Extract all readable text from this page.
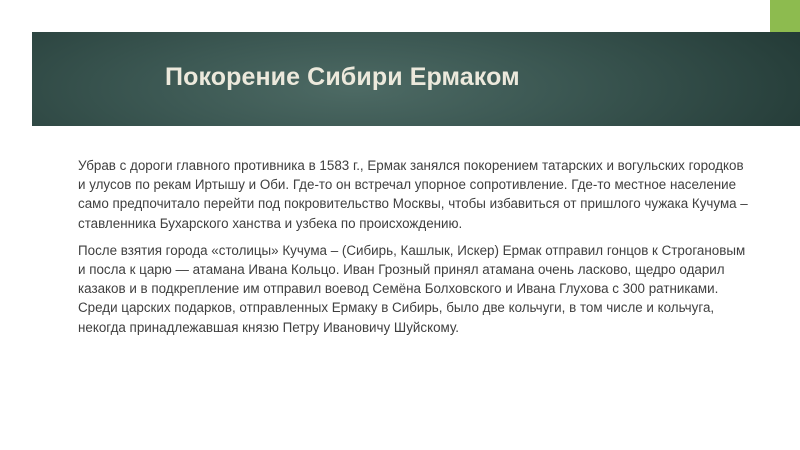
Покорение Сибири Ермаком

Убрав с дороги главного противника в 1583 г., Ермак занялся покорением татарских и вогульских городков и улусов по рекам Иртышу и Оби. Где-то он встречал упорное сопротивление. Где-то местное население само предпочитало перейти под покровительство Москвы, чтобы избавиться от пришлого чужака Кучума – ставленника Бухарского ханства и узбека по происхождению.

После взятия города «столицы» Кучума – (Сибирь, Кашлык, Искер) Ермак отправил гонцов к Строгановым и посла к царю — атамана Ивана Кольцо. Иван Грозный принял атамана очень ласково, щедро одарил казаков и в подкрепление им отправил воевод Семёна Болховского и Ивана Глухова с 300 ратниками. Среди царских подарков, отправленных Ермаку в Сибирь, было две кольчуги, в том числе и кольчуга, некогда принадлежавшая князю Петру Ивановичу Шуйскому.
